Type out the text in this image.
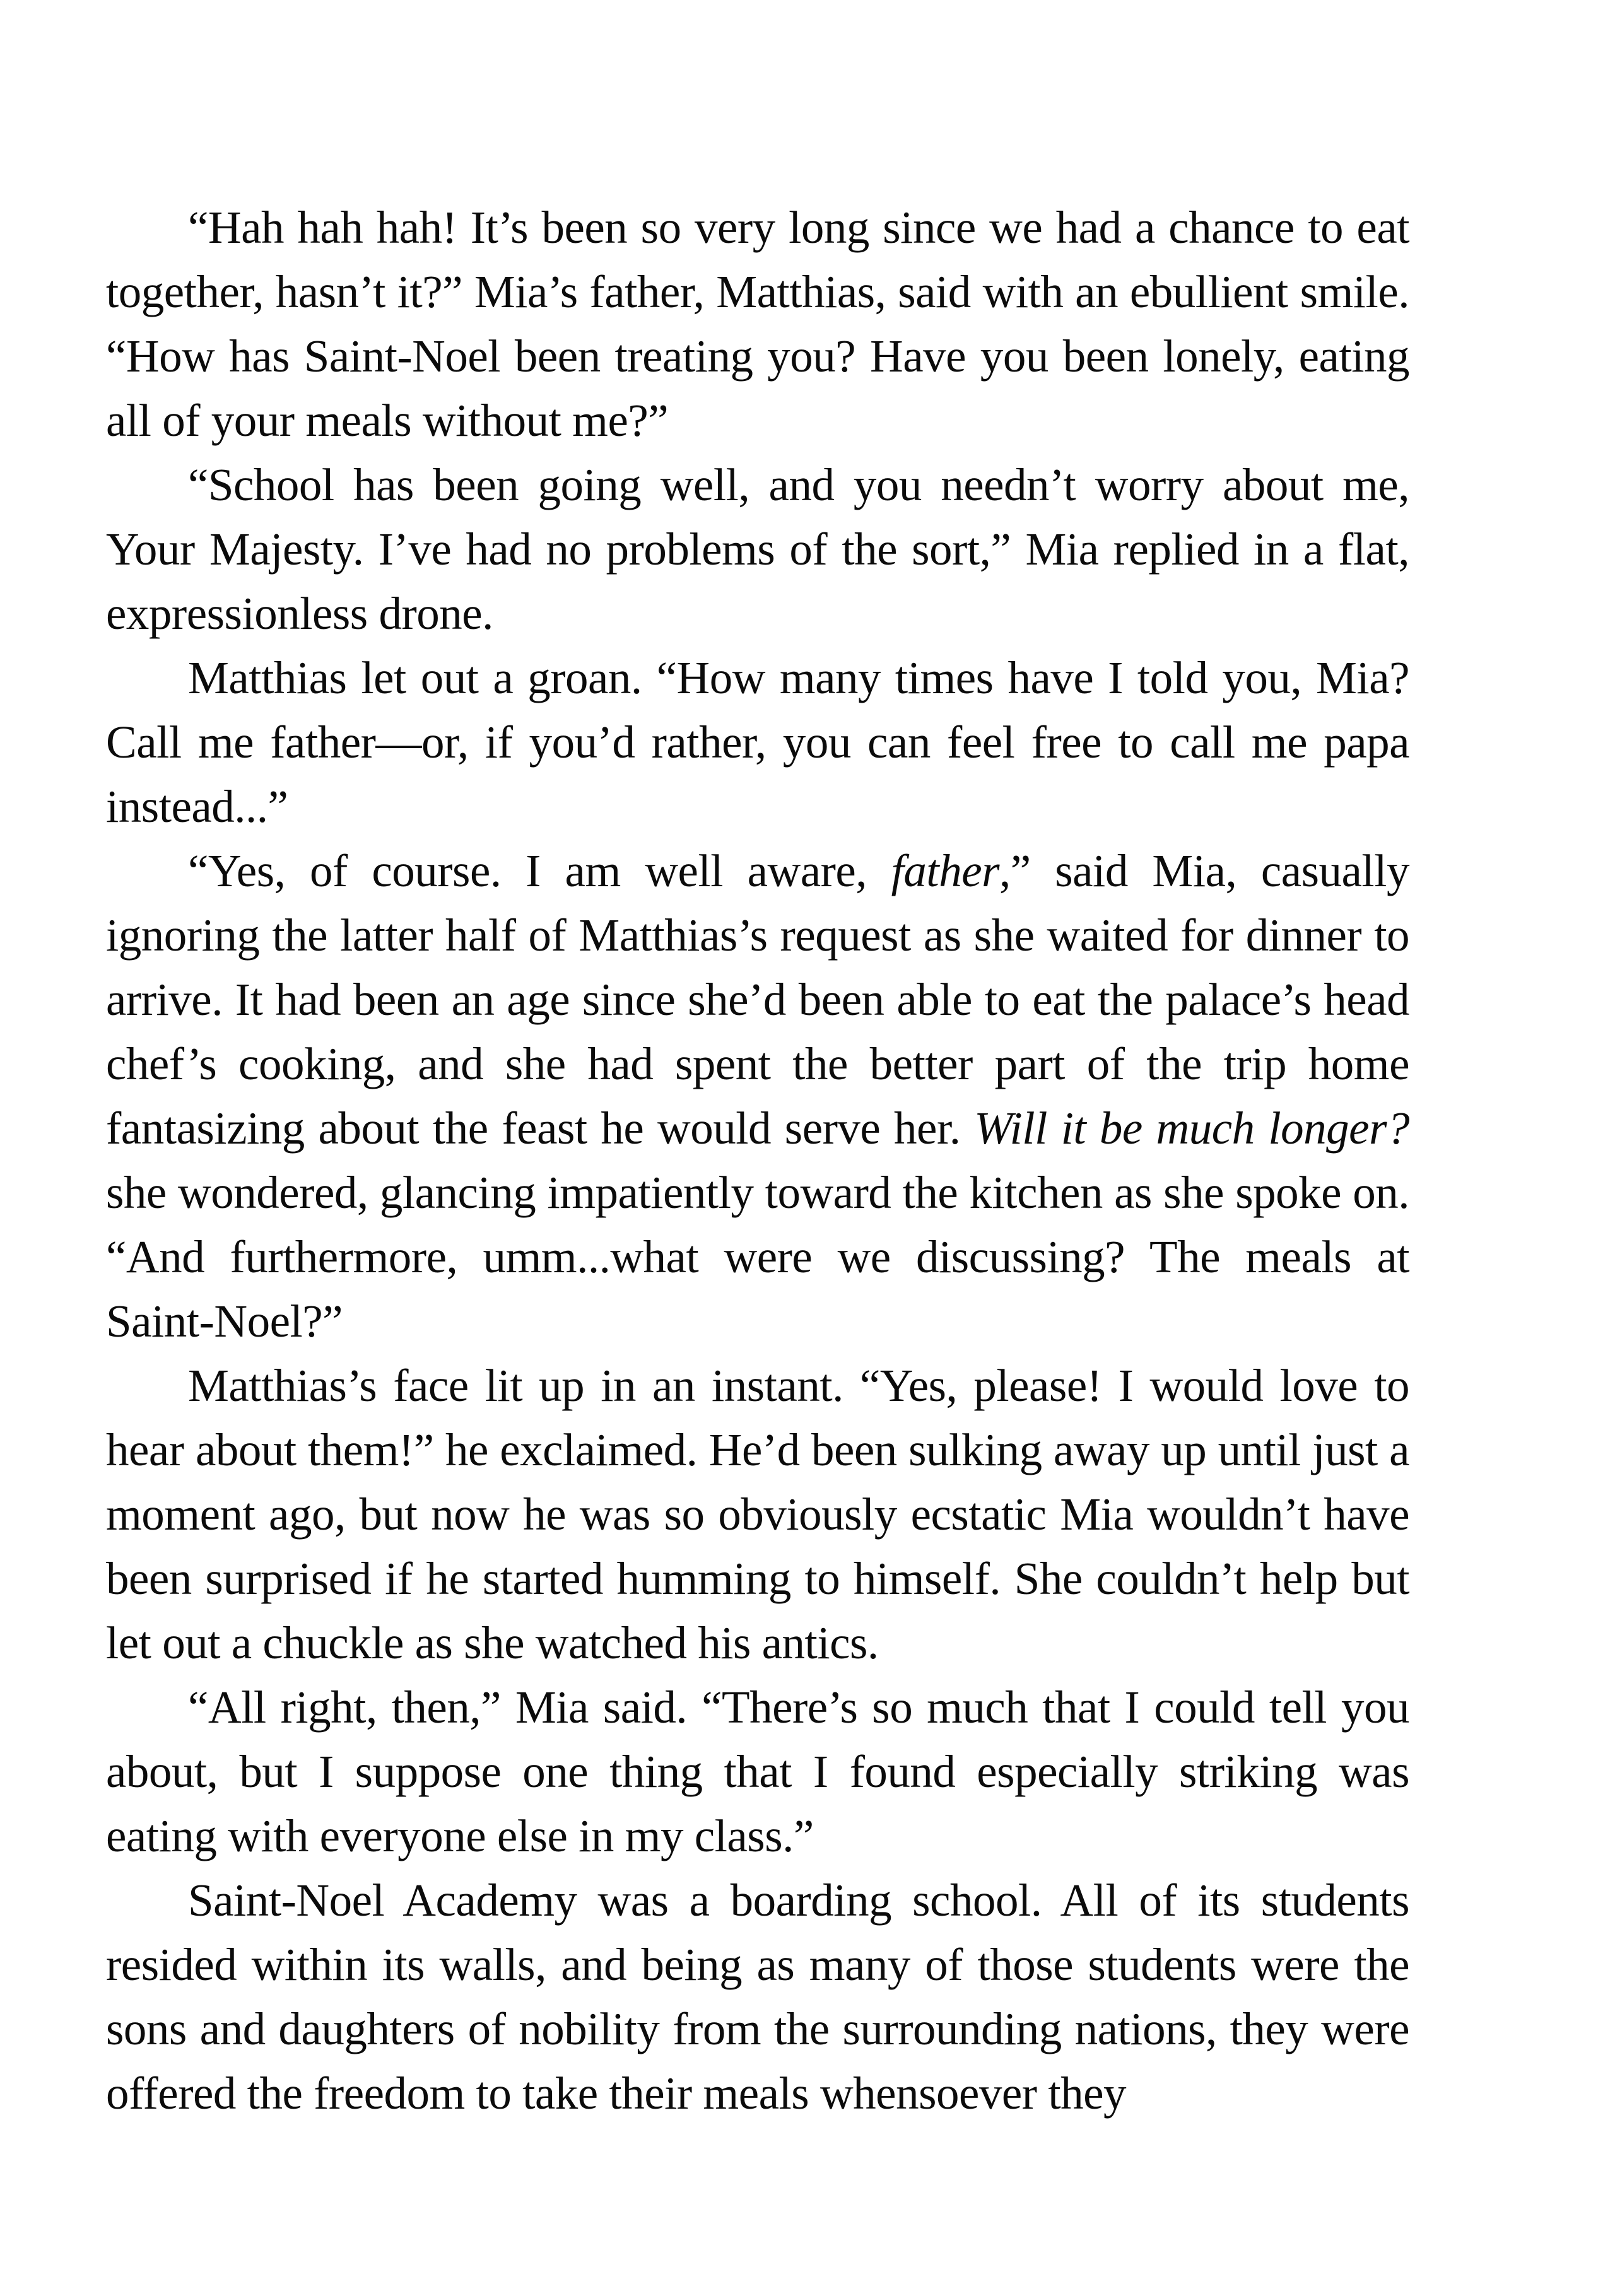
“Hah hah hah! It’s been so very long since we had a chance to eat together, hasn’t it?” Mia’s father, Matthias, said with an ebullient smile. “How has Saint-Noel been treating you? Have you been lonely, eating all of your meals without me?”

“School has been going well, and you needn’t worry about me, Your Majesty. I’ve had no problems of the sort,” Mia replied in a flat, expressionless drone.

Matthias let out a groan. “How many times have I told you, Mia? Call me father—or, if you’d rather, you can feel free to call me papa instead...”

“Yes, of course. I am well aware, father,” said Mia, casually ignoring the latter half of Matthias’s request as she waited for dinner to arrive. It had been an age since she’d been able to eat the palace’s head chef’s cooking, and she had spent the better part of the trip home fantasizing about the feast he would serve her. Will it be much longer? she wondered, glancing impatiently toward the kitchen as she spoke on. “And furthermore, umm...what were we discussing? The meals at Saint-Noel?”

Matthias’s face lit up in an instant. “Yes, please! I would love to hear about them!” he exclaimed. He’d been sulking away up until just a moment ago, but now he was so obviously ecstatic Mia wouldn’t have been surprised if he started humming to himself. She couldn’t help but let out a chuckle as she watched his antics.

“All right, then,” Mia said. “There’s so much that I could tell you about, but I suppose one thing that I found especially striking was eating with everyone else in my class.”

Saint-Noel Academy was a boarding school. All of its students resided within its walls, and being as many of those students were the sons and daughters of nobility from the surrounding nations, they were offered the freedom to take their meals whensoever they
